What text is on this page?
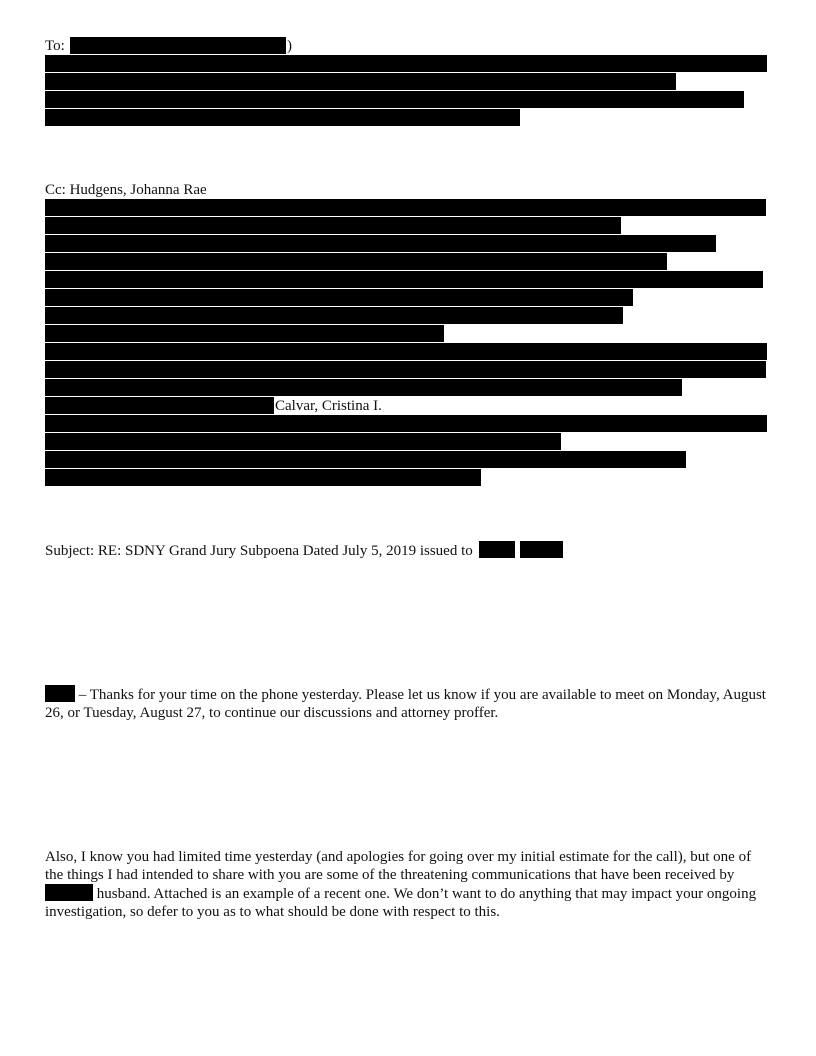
To:	)
Cc: Hudgens, Johanna Rae
Calvar, Cristina I.
Subject: RE: SDNY Grand Jury Subpoena Dated July 5, 2019 issued to
– Thanks for your time on the phone yesterday. Please let us know if you are available to meet on Monday, August 26, or Tuesday, August 27, to continue our discussions and attorney proffer.
Also, I know you had limited time yesterday (and apologies for going over my initial estimate for the call), but one of the things I had intended to share with you are some of the threatening communications that have been received by  husband. Attached is an example of a recent one. We don’t want to do anything that may impact your ongoing investigation, so defer to you as to what should be done with respect to this.
